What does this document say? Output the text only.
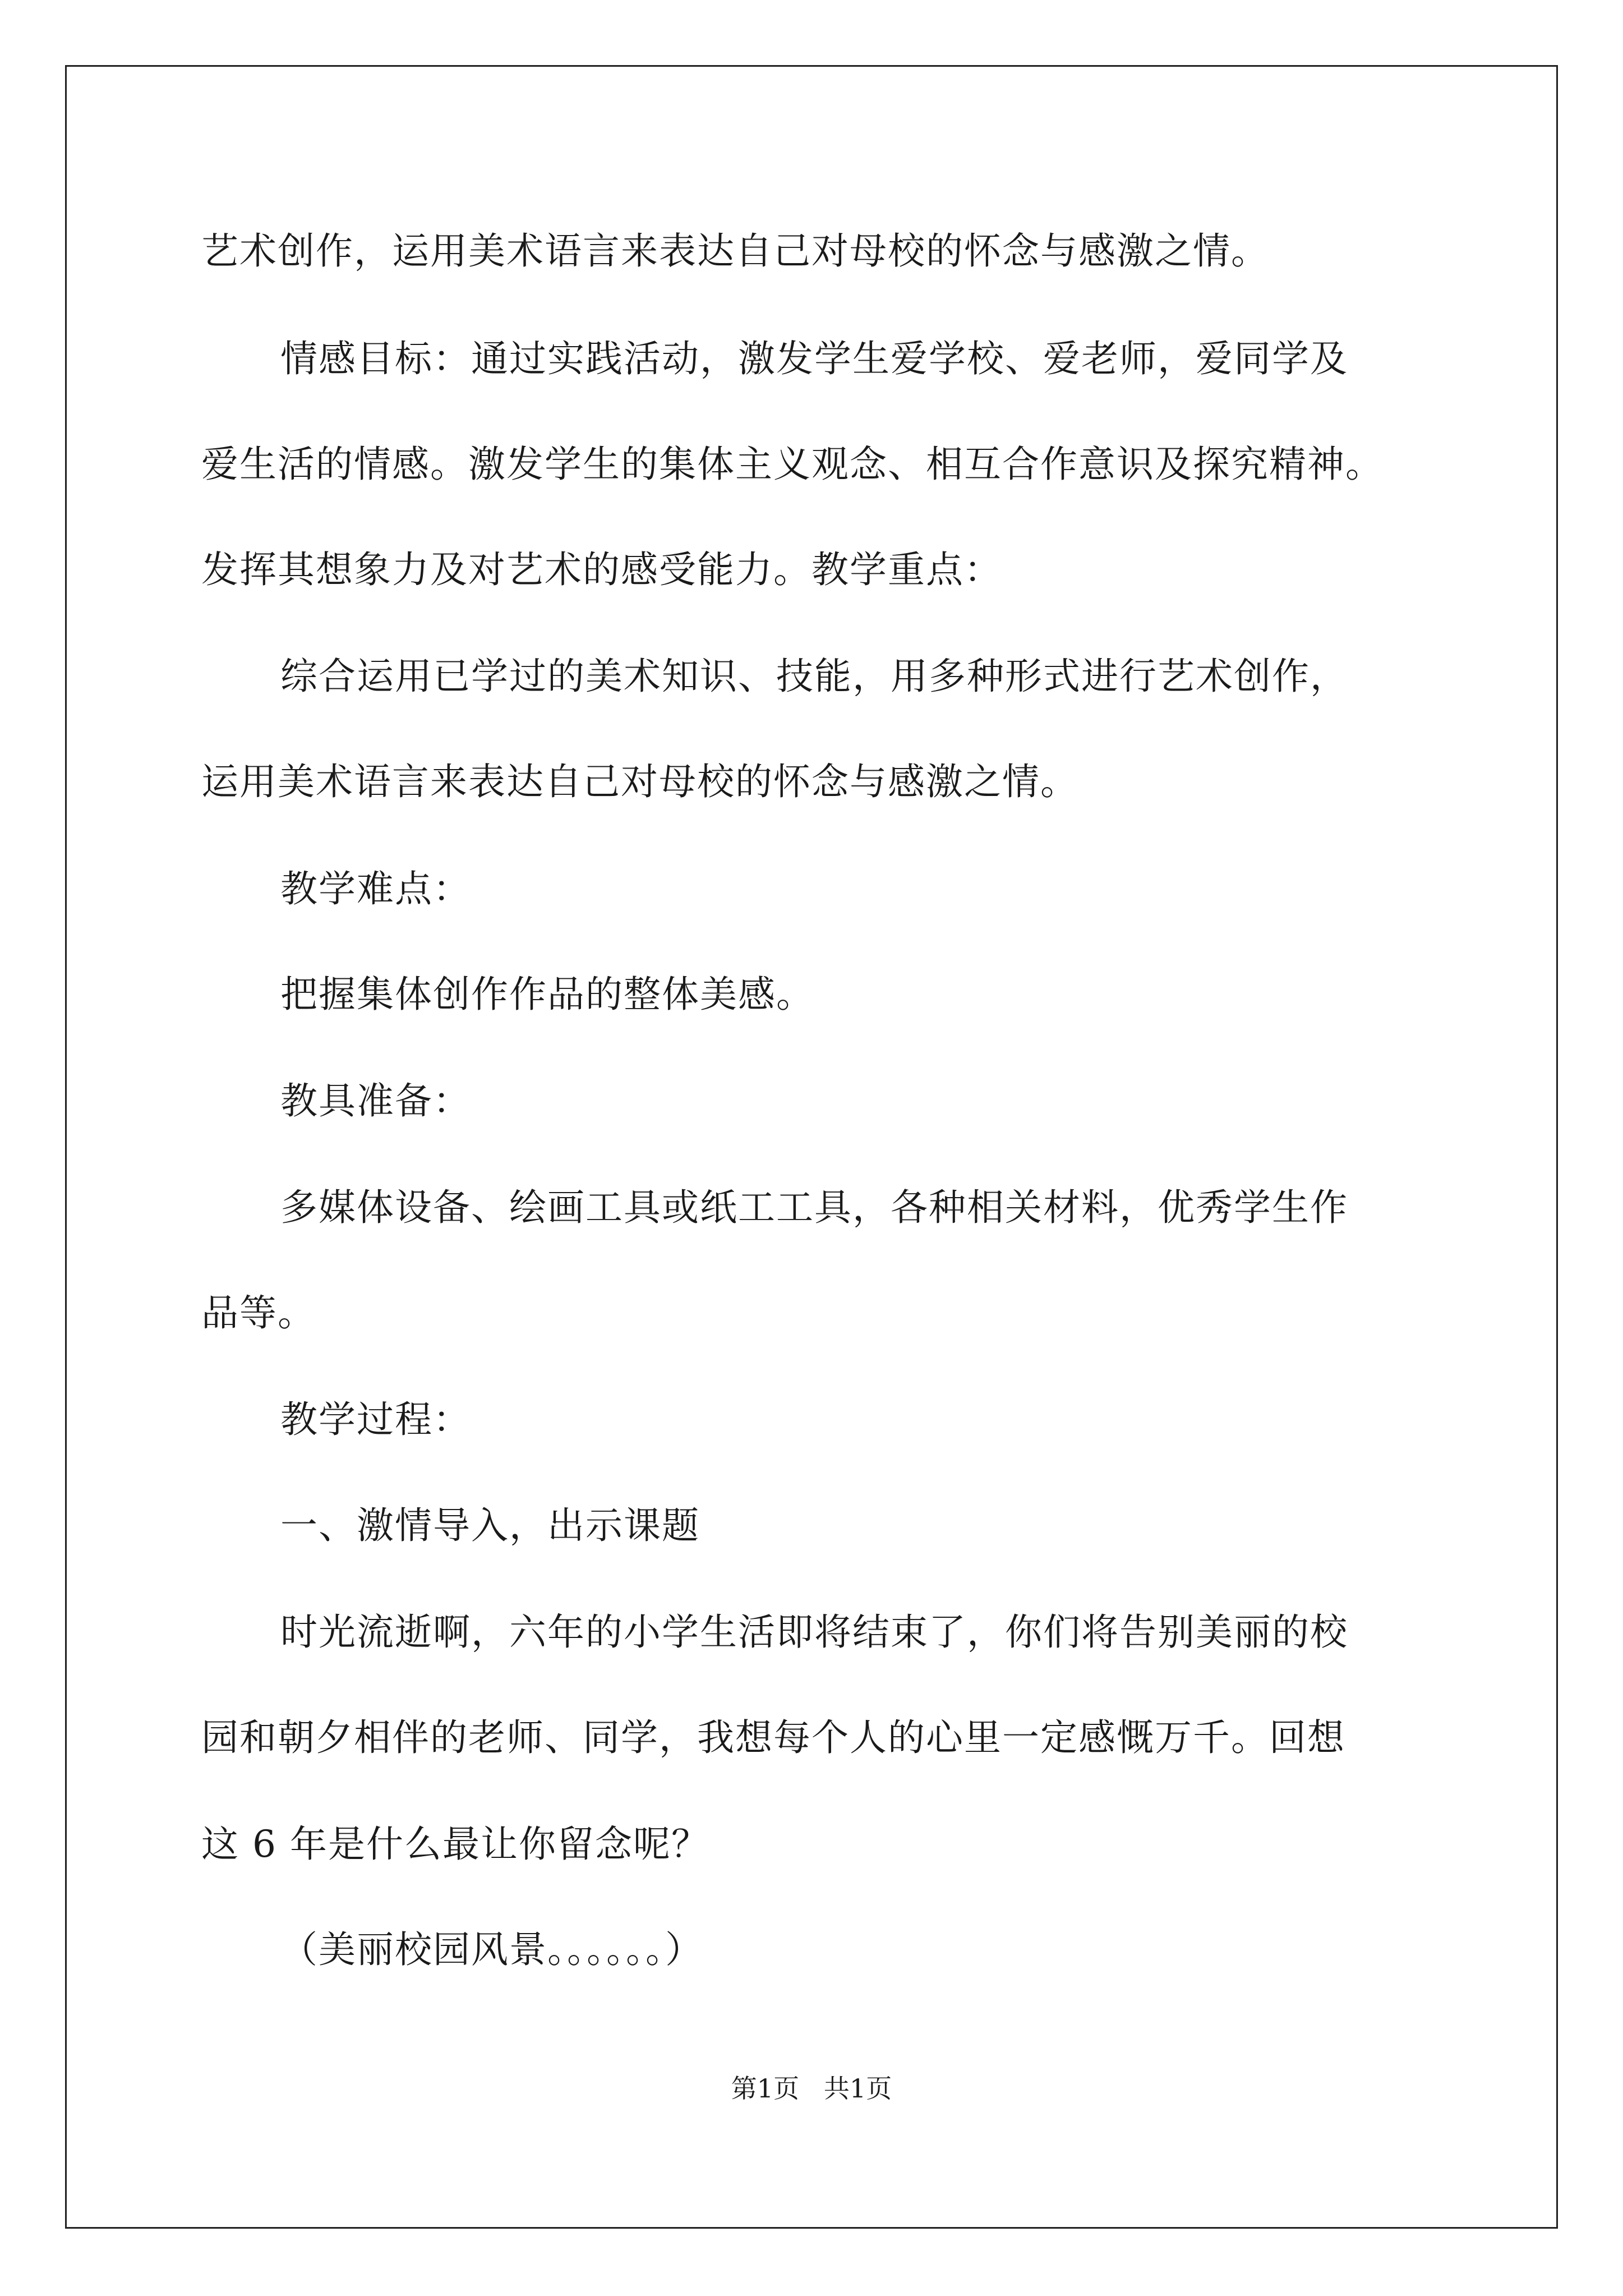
艺术创作，运用美术语言来表达自己对母校的怀念与感激之情。
情感目标：通过实践活动，激发学生爱学校、爱老师，爱同学及
爱生活的情感。激发学生的集体主义观念、相互合作意识及探究精神。
发挥其想象力及对艺术的感受能力。教学重点：
综合运用已学过的美术知识、技能，用多种形式进行艺术创作，
运用美术语言来表达自己对母校的怀念与感激之情。
教学难点：
把握集体创作作品的整体美感。
教具准备：
多媒体设备、绘画工具或纸工工具，各种相关材料，优秀学生作
品等。
教学过程：
一、激情导入，出示课题
时光流逝啊，六年的小学生活即将结束了，你们将告别美丽的校
园和朝夕相伴的老师、同学，我想每个人的心里一定感慨万千。回想
这 6 年是什么最让你留念呢？
（美丽校园风景。。。。。。）
第1页   共1页
